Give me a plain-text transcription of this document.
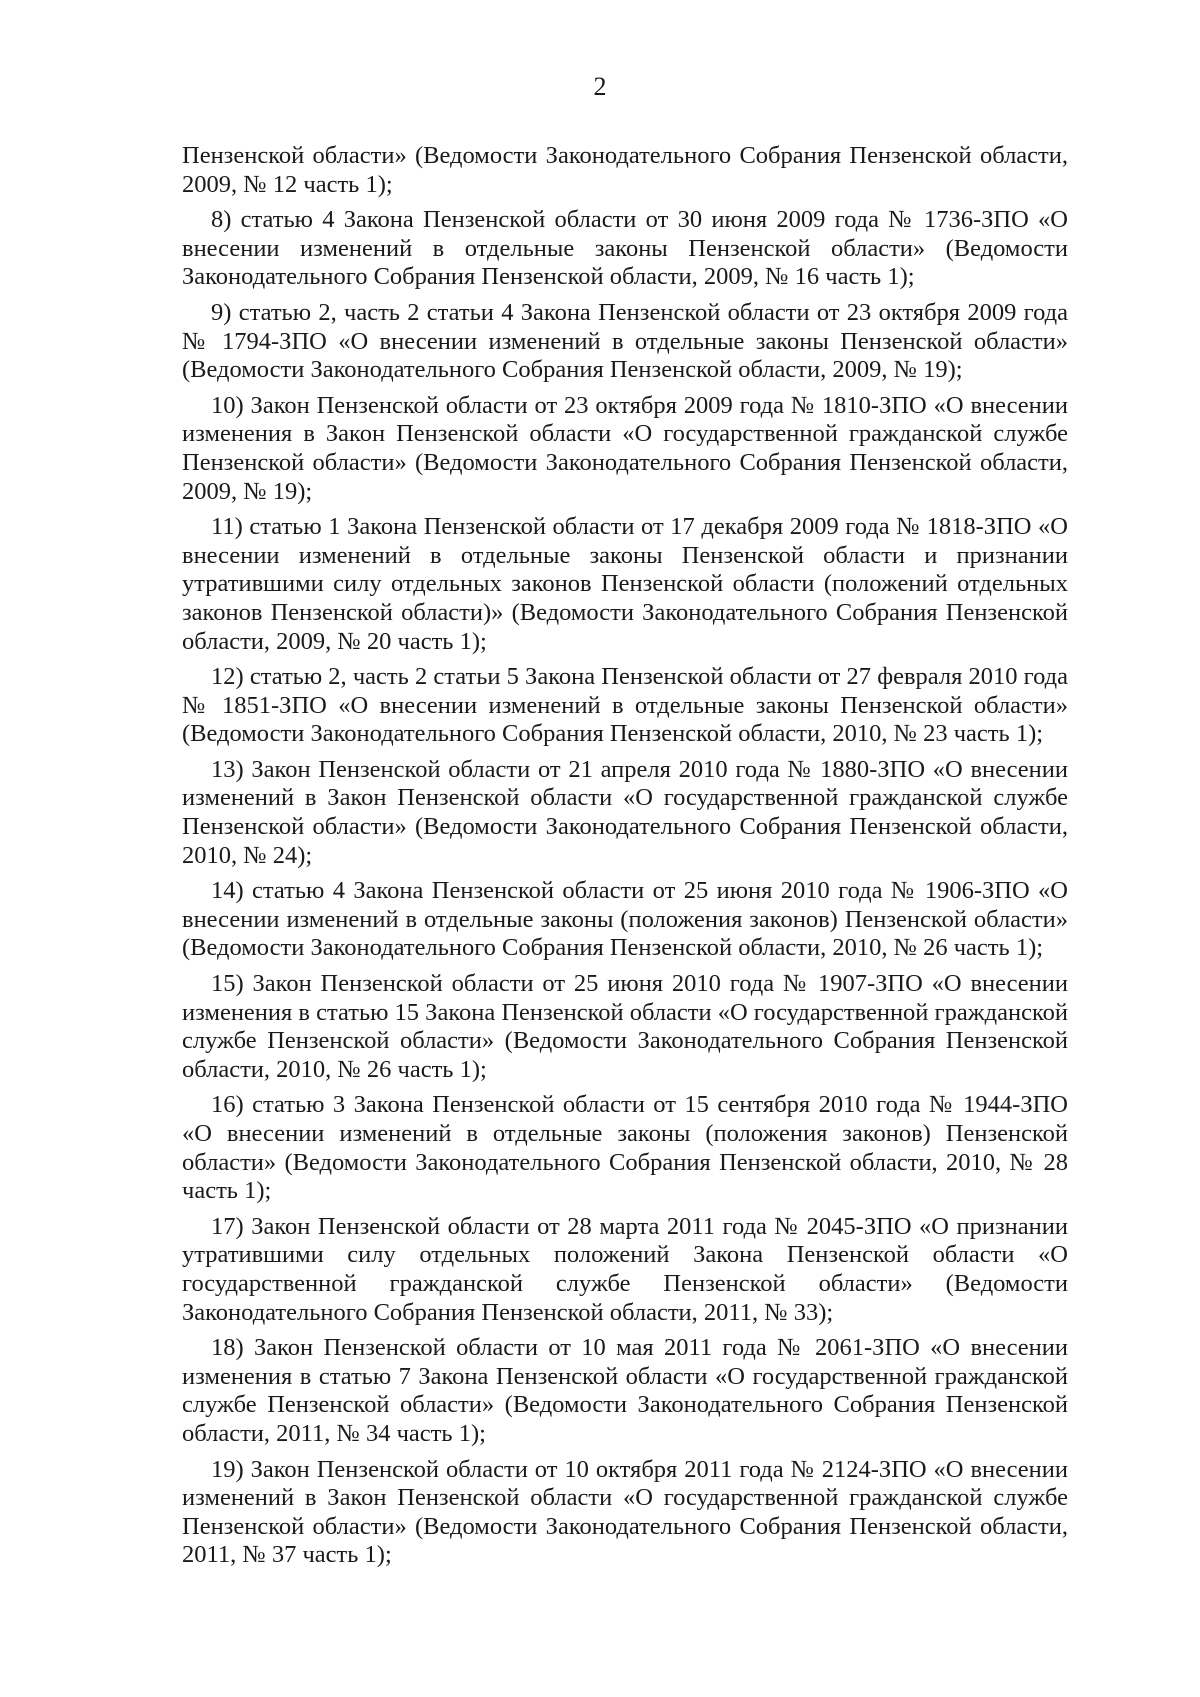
2

Пензенской области» (Ведомости Законодательного Собрания Пензенской области, 2009, № 12 часть 1);

8) статью 4 Закона Пензенской области от 30 июня 2009 года № 1736-ЗПО «О внесении изменений в отдельные законы Пензенской области» (Ведомости Законодательного Собрания Пензенской области, 2009, № 16 часть 1);

9) статью 2, часть 2 статьи 4 Закона Пензенской области от 23 октября 2009 года № 1794-ЗПО «О внесении изменений в отдельные законы Пензенской области» (Ведомости Законодательного Собрания Пензенской области, 2009, № 19);

10) Закон Пензенской области от 23 октября 2009 года № 1810-ЗПО «О внесении изменения в Закон Пензенской области «О государственной гражданской службе Пензенской области» (Ведомости Законодательного Собрания Пензенской области, 2009, № 19);

11) статью 1 Закона Пензенской области от 17 декабря 2009 года № 1818-ЗПО «О внесении изменений в отдельные законы Пензенской области и признании утратившими силу отдельных законов Пензенской области (положений отдельных законов Пензенской области)» (Ведомости Законодательного Собрания Пензенской области, 2009, № 20 часть 1);

12) статью 2, часть 2 статьи 5 Закона Пензенской области от 27 февраля 2010 года № 1851-ЗПО «О внесении изменений в отдельные законы Пензенской области» (Ведомости Законодательного Собрания Пензенской области, 2010, № 23 часть 1);

13) Закон Пензенской области от 21 апреля 2010 года № 1880-ЗПО «О внесении изменений в Закон Пензенской области «О государственной гражданской службе Пензенской области» (Ведомости Законодательного Собрания Пензенской области, 2010, № 24);

14) статью 4 Закона Пензенской области от 25 июня 2010 года № 1906-ЗПО «О внесении изменений в отдельные законы (положения законов) Пензенской области» (Ведомости Законодательного Собрания Пензенской области, 2010, № 26 часть 1);

15) Закон Пензенской области от 25 июня 2010 года № 1907-ЗПО «О внесении изменения в статью 15 Закона Пензенской области «О государственной гражданской службе Пензенской области» (Ведомости Законодательного Собрания Пензенской области, 2010, № 26 часть 1);

16) статью 3 Закона Пензенской области от 15 сентября 2010 года № 1944-ЗПО «О внесении изменений в отдельные законы (положения законов) Пензенской области» (Ведомости Законодательного Собрания Пензенской области, 2010, № 28 часть 1);

17) Закон Пензенской области от 28 марта 2011 года № 2045-ЗПО «О признании утратившими силу отдельных положений Закона Пензенской области «О государственной гражданской службе Пензенской области» (Ведомости Законодательного Собрания Пензенской области, 2011, № 33);

18) Закон Пензенской области от 10 мая 2011 года № 2061-ЗПО «О внесении изменения в статью 7 Закона Пензенской области «О государственной гражданской службе Пензенской области» (Ведомости Законодательного Собрания Пензенской области, 2011, № 34 часть 1);

19) Закон Пензенской области от 10 октября 2011 года № 2124-ЗПО «О внесении изменений в Закон Пензенской области «О государственной гражданской службе Пензенской области» (Ведомости Законодательного Собрания Пензенской области, 2011, № 37 часть 1);
